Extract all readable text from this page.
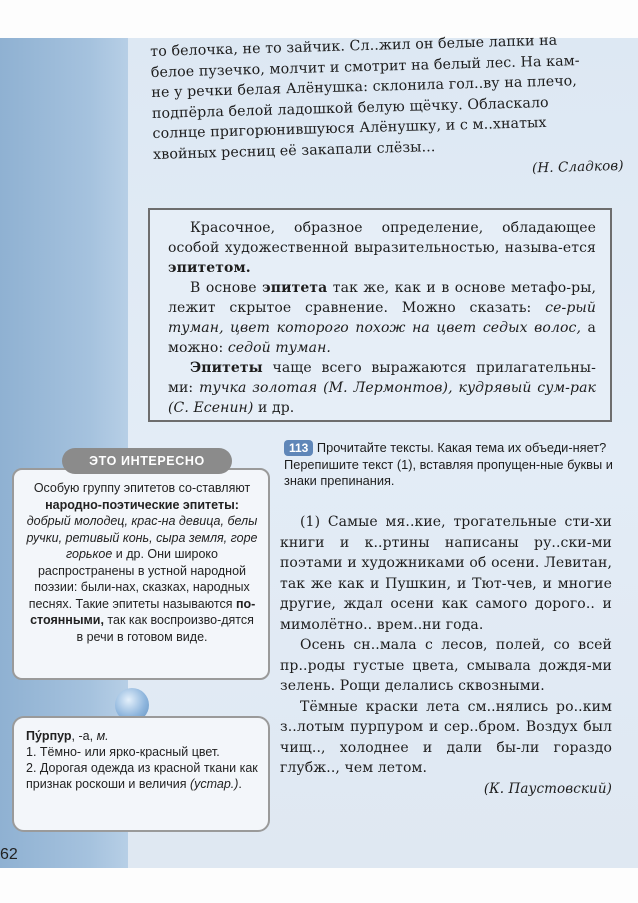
то белочка, не то зайчик. Сл..жил он белые лапки на
белое пузечко, молчит и смотрит на белый лес. На кам-
не у речки белая Алёнушка: склонила гол..ву на плечо,
подпёрла белой ладошкой белую щёчку. Обласкало
солнце пригорюнившуюся Алёнушку, и с м..хнатых
хвойных ресниц её закапали слёзы...
(Н. Сладков)

Красочное, образное определение, обладающее особой художественной выразительностью, называ-ется эпитетом.

В основе эпитета так же, как и в основе метафо-ры, лежит скрытое сравнение. Можно сказать: се-рый туман, цвет которого похож на цвет седых волос, а можно: седой туман.

Эпитеты чаще всего выражаются прилагательны-ми: тучка золотая (М. Лермонтов), кудрявый сум-рак (С. Есенин) и др.

ЭТО ИНТЕРЕСНО
Особую группу эпитетов со-ставляют народно-поэтические эпитеты: добрый молодец, крас-на девица, белы ручки, ретивый конь, сыра земля, горе горькое и др. Они широко распространены в устной народной поэзии: были-нах, сказках, народных песнях. Такие эпитеты называются по-стоянными, так как воспроизво-дятся в речи в готовом виде.
113 Прочитайте тексты. Какая тема их объеди-няет? Перепишите текст (1), вставляя пропущен-ные буквы и знаки препинания.
(1) Самые мя..кие, трогательные сти-хи книги и к..ртины написаны ру..ски-ми поэтами и художниками об осени. Левитан, так же как и Пушкин, и Тют-чев, и многие другие, ждал осени как самого дорого.. и мимолётно.. врем..ни года.
Осень сн..мала с лесов, полей, со всей пр..роды густые цвета, смывала дождя-ми зелень. Рощи делались сквозными.
Тёмные краски лета см..нялись ро..ким з..лотым пурпуром и сер..бром. Воздух был чищ.., холоднее и дали бы-ли гораздо глубж.., чем летом.
(К. Паустовский)
Пу́рпур, -а, м.
1. Тёмно- или ярко-красный цвет.
2. Дорогая одежда из красной ткани как признак роскоши и величия (устар.).
62
